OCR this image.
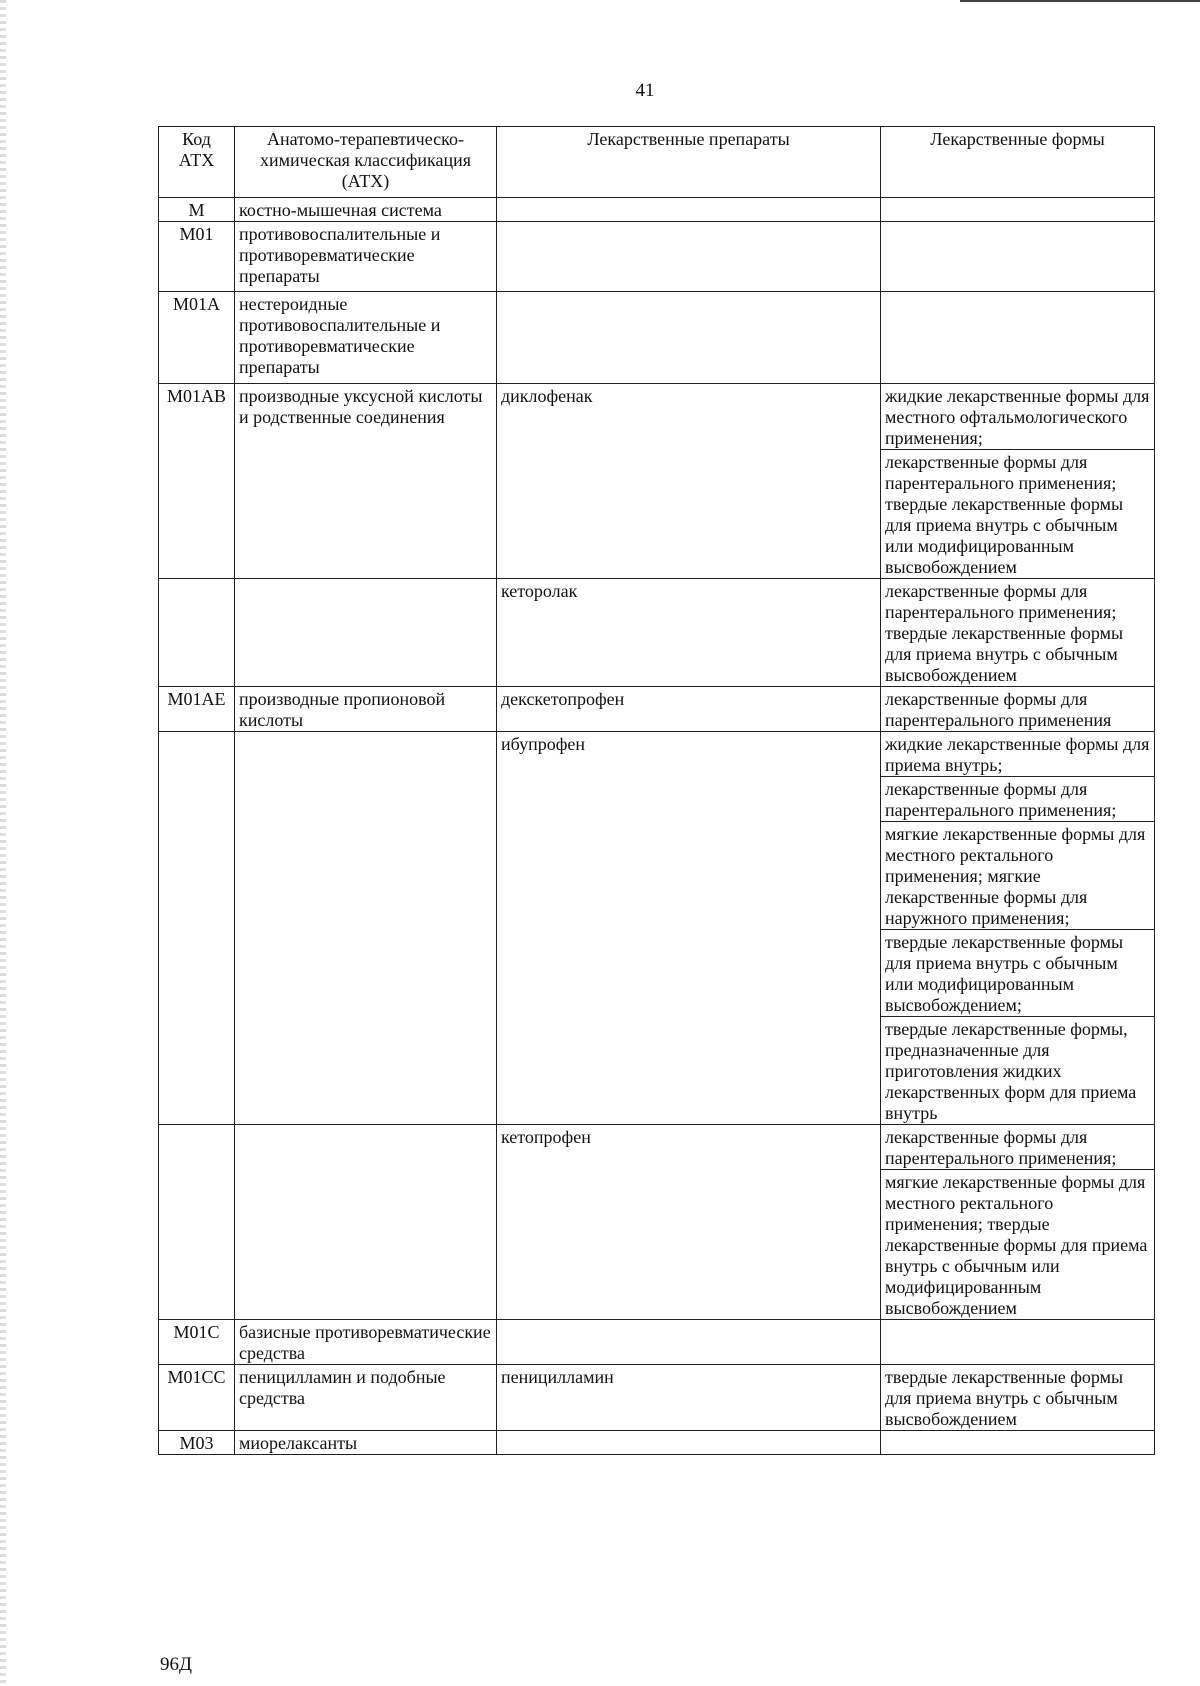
41
Код АТХ	Анатомо-терапевтическо-химическая классификация (АТХ)	Лекарственные препараты	Лекарственные формы
M	костно-мышечная система		
M01	противовоспалительные и противоревматические препараты		
M01A	нестероидные противовоспалительные и противоревматические препараты		
M01AB	производные уксусной кислоты и родственные соединения	диклофенак	жидкие лекарственные формы для местного офтальмологического применения;
			лекарственные формы для парентерального применения; твердые лекарственные формы для приема внутрь с обычным или модифицированным высвобождением
		кеторолак	лекарственные формы для парентерального применения; твердые лекарственные формы для приема внутрь с обычным высвобождением
M01AE	производные пропионовой кислоты	декскетопрофен	лекарственные формы для парентерального применения
		ибупрофен	жидкие лекарственные формы для приема внутрь;
			лекарственные формы для парентерального применения;
			мягкие лекарственные формы для местного ректального применения; мягкие лекарственные формы для наружного применения;
			твердые лекарственные формы для приема внутрь с обычным или модифицированным высвобождением;
			твердые лекарственные формы, предназначенные для приготовления жидких лекарственных форм для приема внутрь
		кетопрофен	лекарственные формы для парентерального применения;
			мягкие лекарственные формы для местного ректального применения; твердые лекарственные формы для приема внутрь с обычным или модифицированным высвобождением
M01C	базисные противоревматические средства		
M01CC	пеницилламин и подобные средства	пеницилламин	твердые лекарственные формы для приема внутрь с обычным высвобождением
M03	миорелаксанты		
96Д
